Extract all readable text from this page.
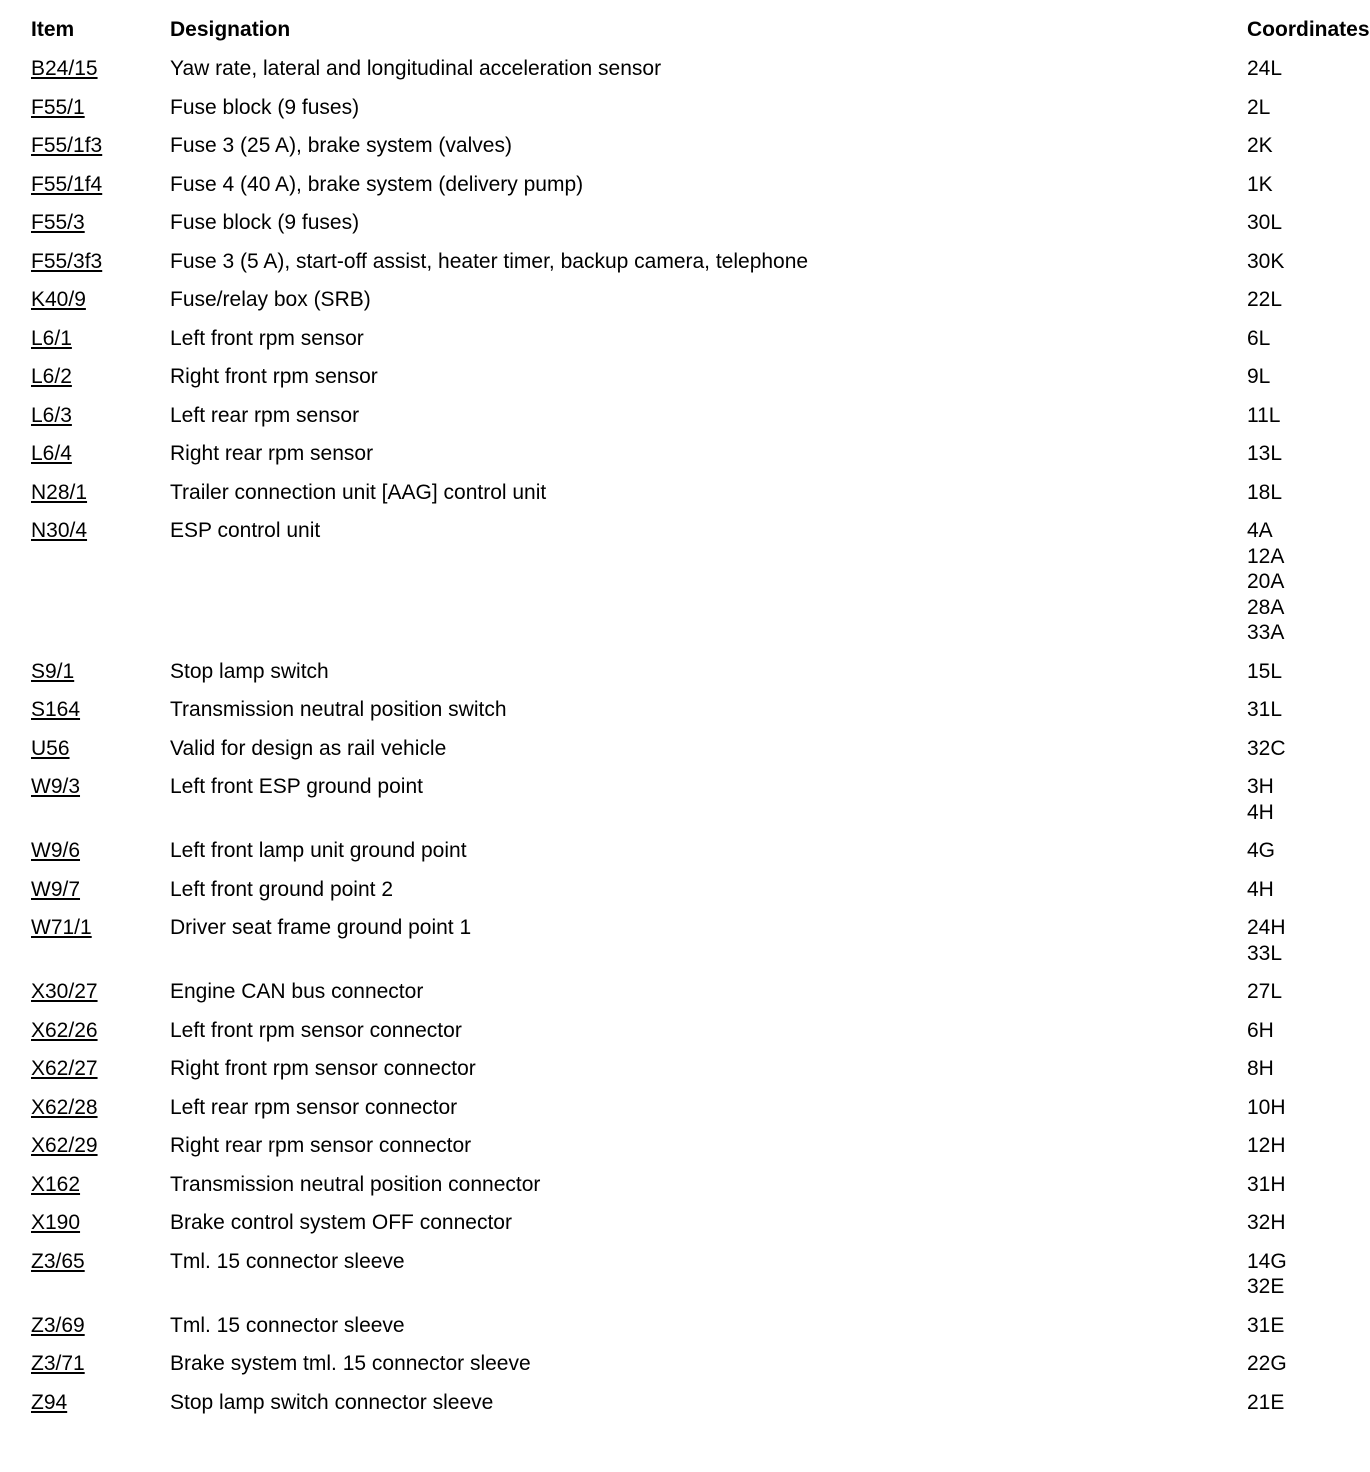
Item	Designation	Coordinates
B24/15	Yaw rate, lateral and longitudinal acceleration sensor	24L
F55/1	Fuse block (9 fuses)	2L
F55/1f3	Fuse 3 (25 A), brake system (valves)	2K
F55/1f4	Fuse 4 (40 A), brake system (delivery pump)	1K
F55/3	Fuse block (9 fuses)	30L
F55/3f3	Fuse 3 (5 A), start-off assist, heater timer, backup camera, telephone	30K
K40/9	Fuse/relay box (SRB)	22L
L6/1	Left front rpm sensor	6L
L6/2	Right front rpm sensor	9L
L6/3	Left rear rpm sensor	11L
L6/4	Right rear rpm sensor	13L
N28/1	Trailer connection unit [AAG] control unit	18L
N30/4	ESP control unit	4A
12A
20A
28A
33A
S9/1	Stop lamp switch	15L
S164	Transmission neutral position switch	31L
U56	Valid for design as rail vehicle	32C
W9/3	Left front ESP ground point	3H
4H
W9/6	Left front lamp unit ground point	4G
W9/7	Left front ground point 2	4H
W71/1	Driver seat frame ground point 1	24H
33L
X30/27	Engine CAN bus connector	27L
X62/26	Left front rpm sensor connector	6H
X62/27	Right front rpm sensor connector	8H
X62/28	Left rear rpm sensor connector	10H
X62/29	Right rear rpm sensor connector	12H
X162	Transmission neutral position connector	31H
X190	Brake control system OFF connector	32H
Z3/65	Tml. 15 connector sleeve	14G
32E
Z3/69	Tml. 15 connector sleeve	31E
Z3/71	Brake system tml. 15 connector sleeve	22G
Z94	Stop lamp switch connector sleeve	21E
